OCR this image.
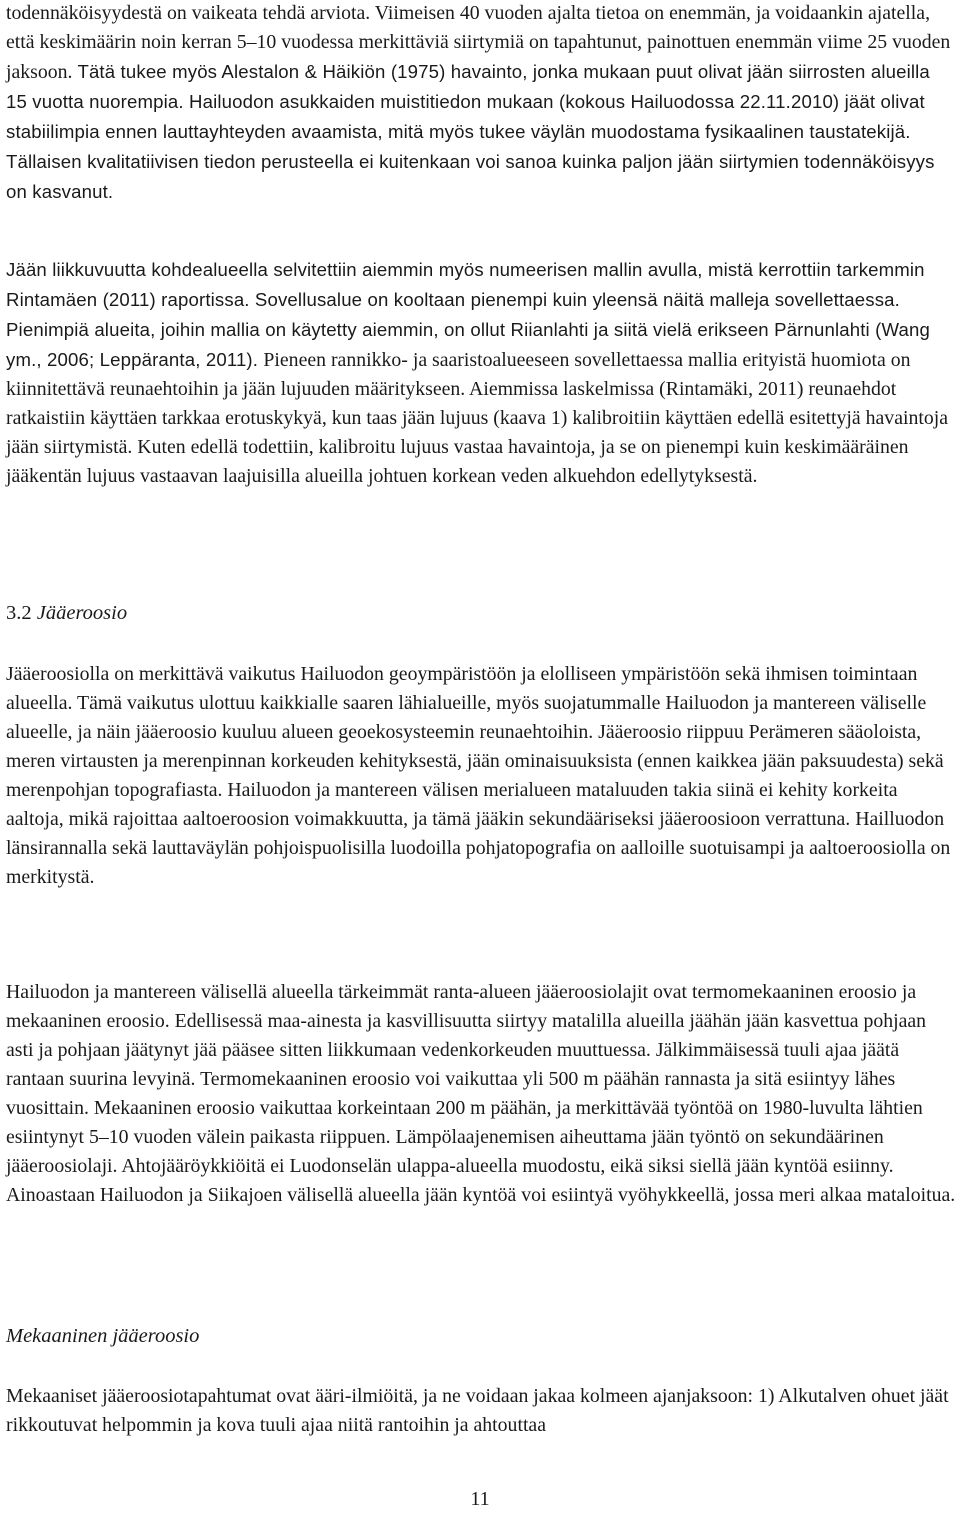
todennäköisyydestä on vaikeata tehdä arviota. Viimeisen 40 vuoden ajalta tietoa on enemmän, ja voidaankin ajatella, että keskimäärin noin kerran 5–10 vuodessa merkittäviä siirtymiä on tapahtunut, painottuen enemmän viime 25 vuoden jaksoon. Tätä tukee myös Alestalon & Häikiön (1975) havainto, jonka mukaan puut olivat jään siirrosten alueilla 15 vuotta nuorempia. Hailuodon asukkaiden muistitiedon mukaan (kokous Hailuodossa 22.11.2010) jäät olivat stabiilimpia ennen lauttayhteyden avaamista, mitä myös tukee väylän muodostama fysikaalinen taustatekijä. Tällaisen kvalitatiivisen tiedon perusteella ei kuitenkaan voi sanoa kuinka paljon jään siirtymien todennäköisyys on kasvanut.

Jään liikkuvuutta kohdealueella selvitettiin aiemmin myös numeerisen mallin avulla, mistä kerrottiin tarkemmin Rintamäen (2011) raportissa. Sovellusalue on kooltaan pienempi kuin yleensä näitä malleja sovellettaessa. Pienimpiä alueita, joihin mallia on käytetty aiemmin, on ollut Riianlahti ja siitä vielä erikseen Pärnunlahti (Wang ym., 2006; Leppäranta, 2011). Pieneen rannikko- ja saaristoalueeseen sovellettaessa mallia erityistä huomiota on kiinnitettävä reunaehtoihin ja jään lujuuden määritykseen. Aiemmissa laskelmissa (Rintamäki, 2011) reunaehdot ratkaistiin käyttäen tarkkaa erotuskykyä, kun taas jään lujuus (kaava 1) kalibroitiin käyttäen edellä esitettyjä havaintoja jään siirtymistä. Kuten edellä todettiin, kalibroitu lujuus vastaa havaintoja, ja se on pienempi kuin keskimääräinen jääkentän lujuus vastaavan laajuisilla alueilla johtuen korkean veden alkuehdon edellytyksestä.

3.2 Jääeroosio

Jääeroosiolla on merkittävä vaikutus Hailuodon geoympäristöön ja elolliseen ympäristöön sekä ihmisen toimintaan alueella. Tämä vaikutus ulottuu kaikkialle saaren lähialueille, myös suojatummalle Hailuodon ja mantereen väliselle alueelle, ja näin jääeroosio kuuluu alueen geoekosysteemin reunaehtoihin. Jääeroosio riippuu Perämeren sääoloista, meren virtausten ja merenpinnan korkeuden kehityksestä, jään ominaisuuksista (ennen kaikkea jään paksuudesta) sekä merenpohjan topografiasta. Hailuodon ja mantereen välisen merialueen mataluuden takia siinä ei kehity korkeita aaltoja, mikä rajoittaa aaltoeroosion voimakkuutta, ja tämä jääkin sekundääriseksi jääeroosioon verrattuna. Hailluodon länsirannalla sekä lauttaväylän pohjoispuolisilla luodoilla pohjatopografia on aalloille suotuisampi ja aaltoeroosiolla on merkitystä.

Hailuodon ja mantereen välisellä alueella tärkeimmät ranta-alueen jääeroosiolajit ovat termomekaaninen eroosio ja mekaaninen eroosio. Edellisessä maa-ainesta ja kasvillisuutta siirtyy matalilla alueilla jäähän jään kasvettua pohjaan asti ja pohjaan jäätynyt jää pääsee sitten liikkumaan vedenkorkeuden muuttuessa. Jälkimmäisessä tuuli ajaa jäätä rantaan suurina levyinä. Termomekaaninen eroosio voi vaikuttaa yli 500 m päähän rannasta ja sitä esiintyy lähes vuosittain. Mekaaninen eroosio vaikuttaa korkeintaan 200 m päähän, ja merkittävää työntöä on 1980-luvulta lähtien esiintynyt 5–10 vuoden välein paikasta riippuen. Lämpölaajenemisen aiheuttama jään työntö on sekundäärinen jääeroosiolaji. Ahtojääröykkiöitä ei Luodonselän ulappa-alueella muodostu, eikä siksi siellä jään kyntöä esiinny. Ainoastaan Hailuodon ja Siikajoen välisellä alueella jään kyntöä voi esiintyä vyöhykkeellä, jossa meri alkaa mataloitua.

Mekaaninen jääeroosio

Mekaaniset jääeroosiotapahtumat ovat ääri-ilmiöitä, ja ne voidaan jakaa kolmeen ajanjaksoon: 1) Alkutalven ohuet jäät rikkoutuvat helpommin ja kova tuuli ajaa niitä rantoihin ja ahtouttaa

11
